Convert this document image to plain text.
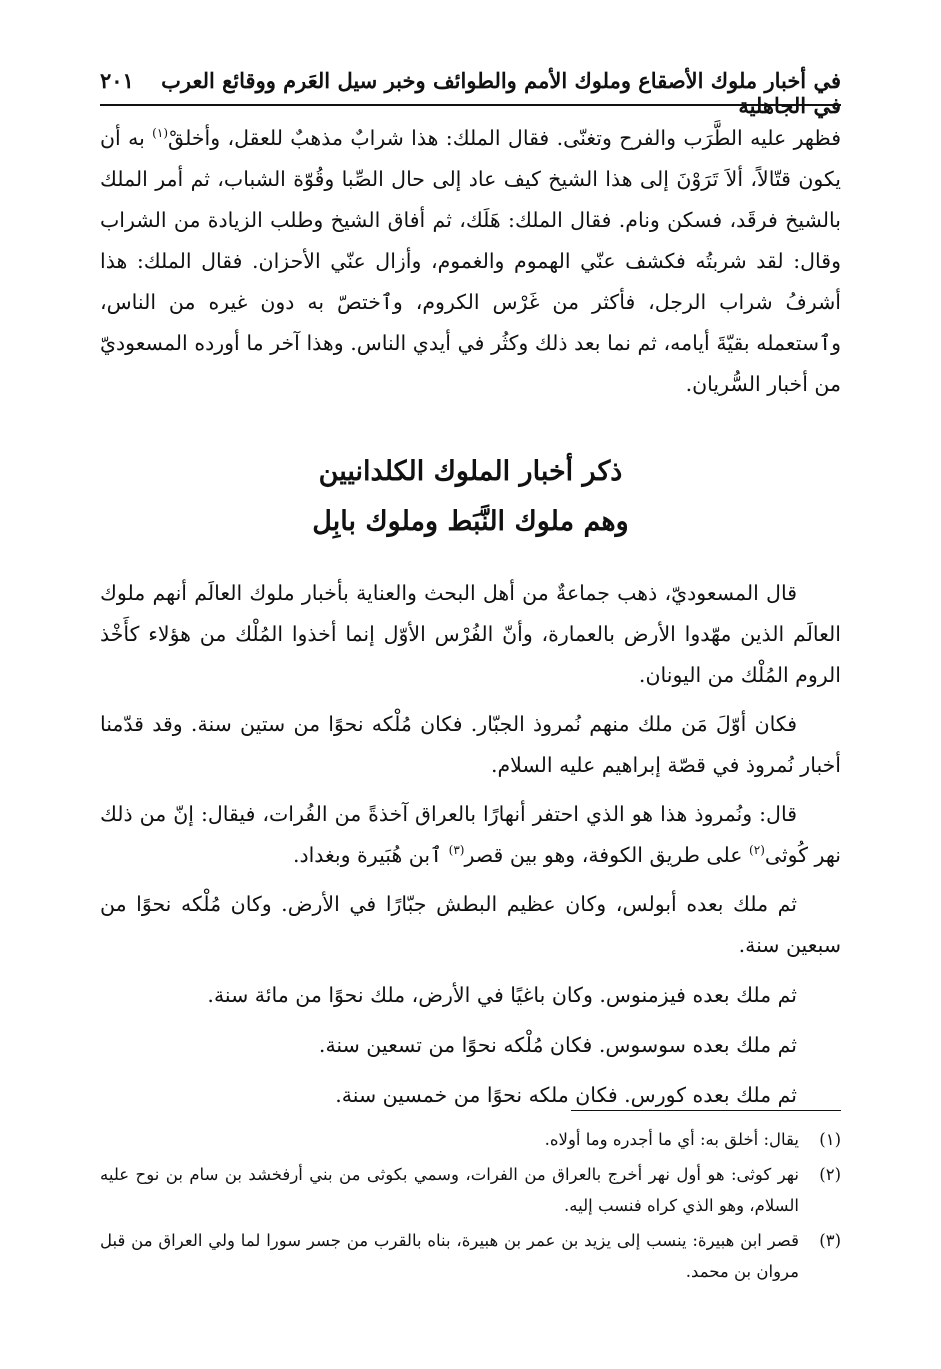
في أخبار ملوك الأصقاع وملوك الأمم والطوائف وخبر سيل العَرم ووقائع العرب في الجاهلية
٢٠١

فظهر عليه الطَّرَب والفرح وتغنّى. فقال الملك: هذا شرابٌ مذهبٌ للعقل، وأخلقْ$^{(١)}$ به أن يكون قتّالاً، ألاَ تَرَوْنَ إلى هذا الشيخ كيف عاد إلى حال الصِّبا وقُوّة الشباب، ثم أمر الملك بالشيخ فرقَد، فسكن ونام. فقال الملك: هَلَك، ثم أفاق الشيخ وطلب الزيادة من الشراب وقال: لقد شربتُه فكشف عنّي الهموم والغموم، وأزال عنّي الأحزان. فقال الملك: هذا أشرفُ شراب الرجل، فأكثر من غَرْس الكروم، وٱختصّ به دون غيره من الناس، وٱستعمله بقيّةَ أيامه، ثم نما بعد ذلك وكثُر في أيدي الناس. وهذا آخر ما أورده المسعوديّ من أخبار السُّريان.

ذكر أخبار الملوك الكلدانيين
وهم ملوك النَّبَط وملوك بابِل

قال المسعوديّ، ذهب جماعةٌ من أهل البحث والعناية بأخبار ملوك العالَم أنهم ملوك العالَم الذين مهّدوا الأرض بالعمارة، وأنّ الفُرْس الأوّل إنما أخذوا المُلْك من هؤلاء كأَخْذ الروم المُلْك من اليونان.

فكان أوّلَ مَن ملك منهم نُمروذ الجبّار. فكان مُلْكه نحوًا من ستين سنة. وقد قدّمنا أخبار نُمروذ في قصّة إبراهيم عليه السلام.

قال: ونُمروذ هذا هو الذي احتفر أنهارًا بالعراق آخذةً من الفُرات، فيقال: إنّ من ذلك نهر كُوثى$^{(٢)}$ على طريق الكوفة، وهو بين قصر$^{(٣)}$ ٱبن هُبَيرة وبغداد.

ثم ملك بعده أبولس، وكان عظيم البطش جبّارًا في الأرض. وكان مُلْكه نحوًا من سبعين سنة.

ثم ملك بعده فيزمنوس. وكان باغيًا في الأرض، ملك نحوًا من مائة سنة.

ثم ملك بعده سوسوس. فكان مُلْكه نحوًا من تسعين سنة.

ثم ملك بعده كورس. فكان ملكه نحوًا من خمسين سنة.

(١)
يقال: أخلق به: أي ما أجدره وما أولاه.
(٢)
نهر كوثى: هو أول نهر أخرج بالعراق من الفرات، وسمي بكوثى من بني أرفخشد بن سام بن نوح عليه السلام، وهو الذي كراه فنسب إليه.
(٣)
قصر ابن هبيرة: ينسب إلى يزيد بن عمر بن هبيرة، بناه بالقرب من جسر سورا لما ولي العراق من قبل مروان بن محمد.
